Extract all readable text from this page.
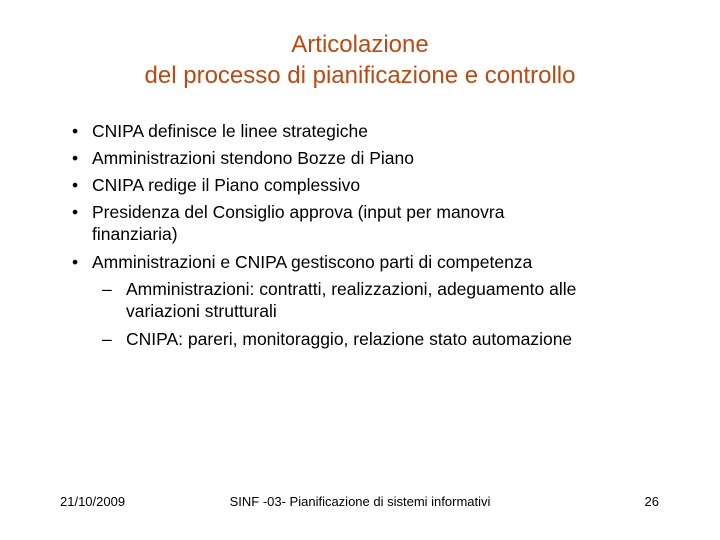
Articolazione
del processo di pianificazione e controllo
• CNIPA definisce le linee strategiche
• Amministrazioni stendono Bozze di Piano
• CNIPA redige il Piano complessivo
• Presidenza del Consiglio approva (input per manovra
finanziaria)
• Amministrazioni e CNIPA gestiscono parti di competenza
– Amministrazioni: contratti, realizzazioni, adeguamento alle
variazioni strutturali
– CNIPA: pareri, monitoraggio, relazione stato automazione
21/10/2009	SINF -03- Pianificazione di sistemi informativi	26
